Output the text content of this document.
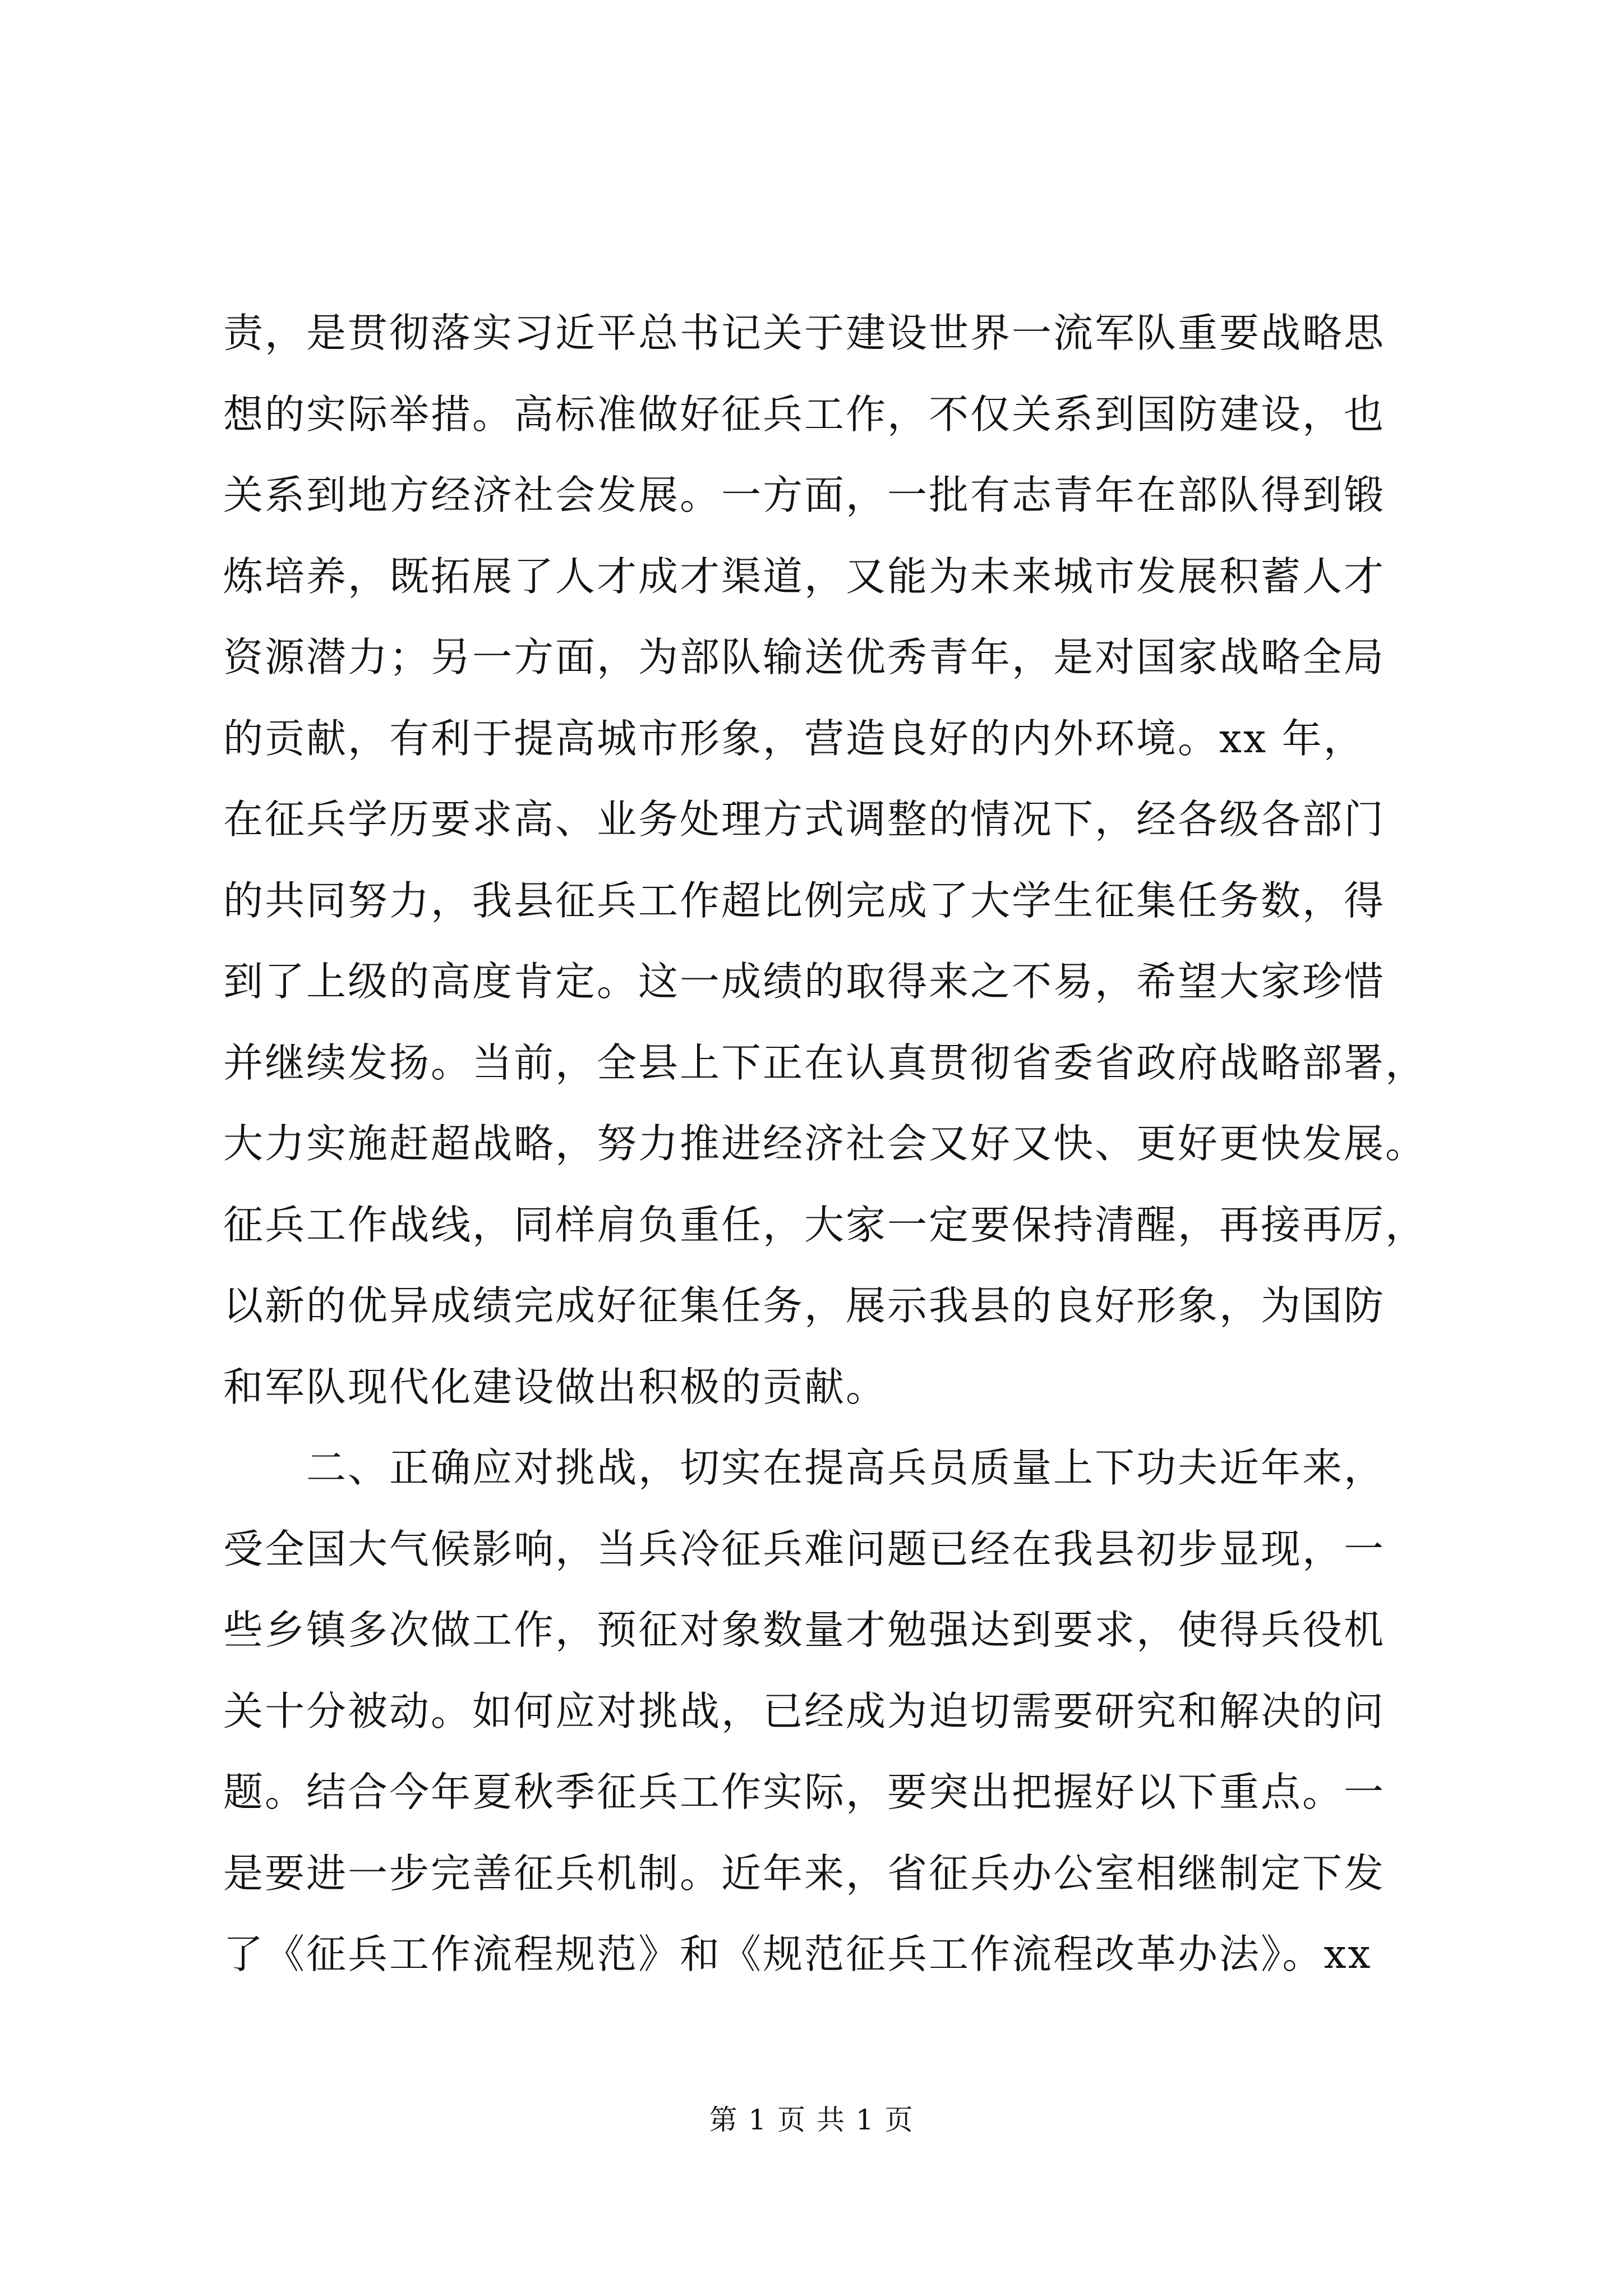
责，是贯彻落实习近平总书记关于建设世界一流军队重要战略思
想的实际举措。高标准做好征兵工作，不仅关系到国防建设，也
关系到地方经济社会发展。一方面，一批有志青年在部队得到锻
炼培养，既拓展了人才成才渠道，又能为未来城市发展积蓄人才
资源潜力；另一方面，为部队输送优秀青年，是对国家战略全局
的贡献，有利于提高城市形象，营造良好的内外环境。xx 年，
在征兵学历要求高、业务处理方式调整的情况下，经各级各部门
的共同努力，我县征兵工作超比例完成了大学生征集任务数，得
到了上级的高度肯定。这一成绩的取得来之不易，希望大家珍惜
并继续发扬。当前，全县上下正在认真贯彻省委省政府战略部署，
大力实施赶超战略，努力推进经济社会又好又快、更好更快发展。
征兵工作战线，同样肩负重任，大家一定要保持清醒，再接再厉，
以新的优异成绩完成好征集任务，展示我县的良好形象，为国防
和军队现代化建设做出积极的贡献。
　　二、正确应对挑战，切实在提高兵员质量上下功夫近年来，
受全国大气候影响，当兵冷征兵难问题已经在我县初步显现，一
些乡镇多次做工作，预征对象数量才勉强达到要求，使得兵役机
关十分被动。如何应对挑战，已经成为迫切需要研究和解决的问
题。结合今年夏秋季征兵工作实际，要突出把握好以下重点。一
是要进一步完善征兵机制。近年来，省征兵办公室相继制定下发
了《征兵工作流程规范》和《规范征兵工作流程改革办法》。xx
第 1 页 共 1 页
